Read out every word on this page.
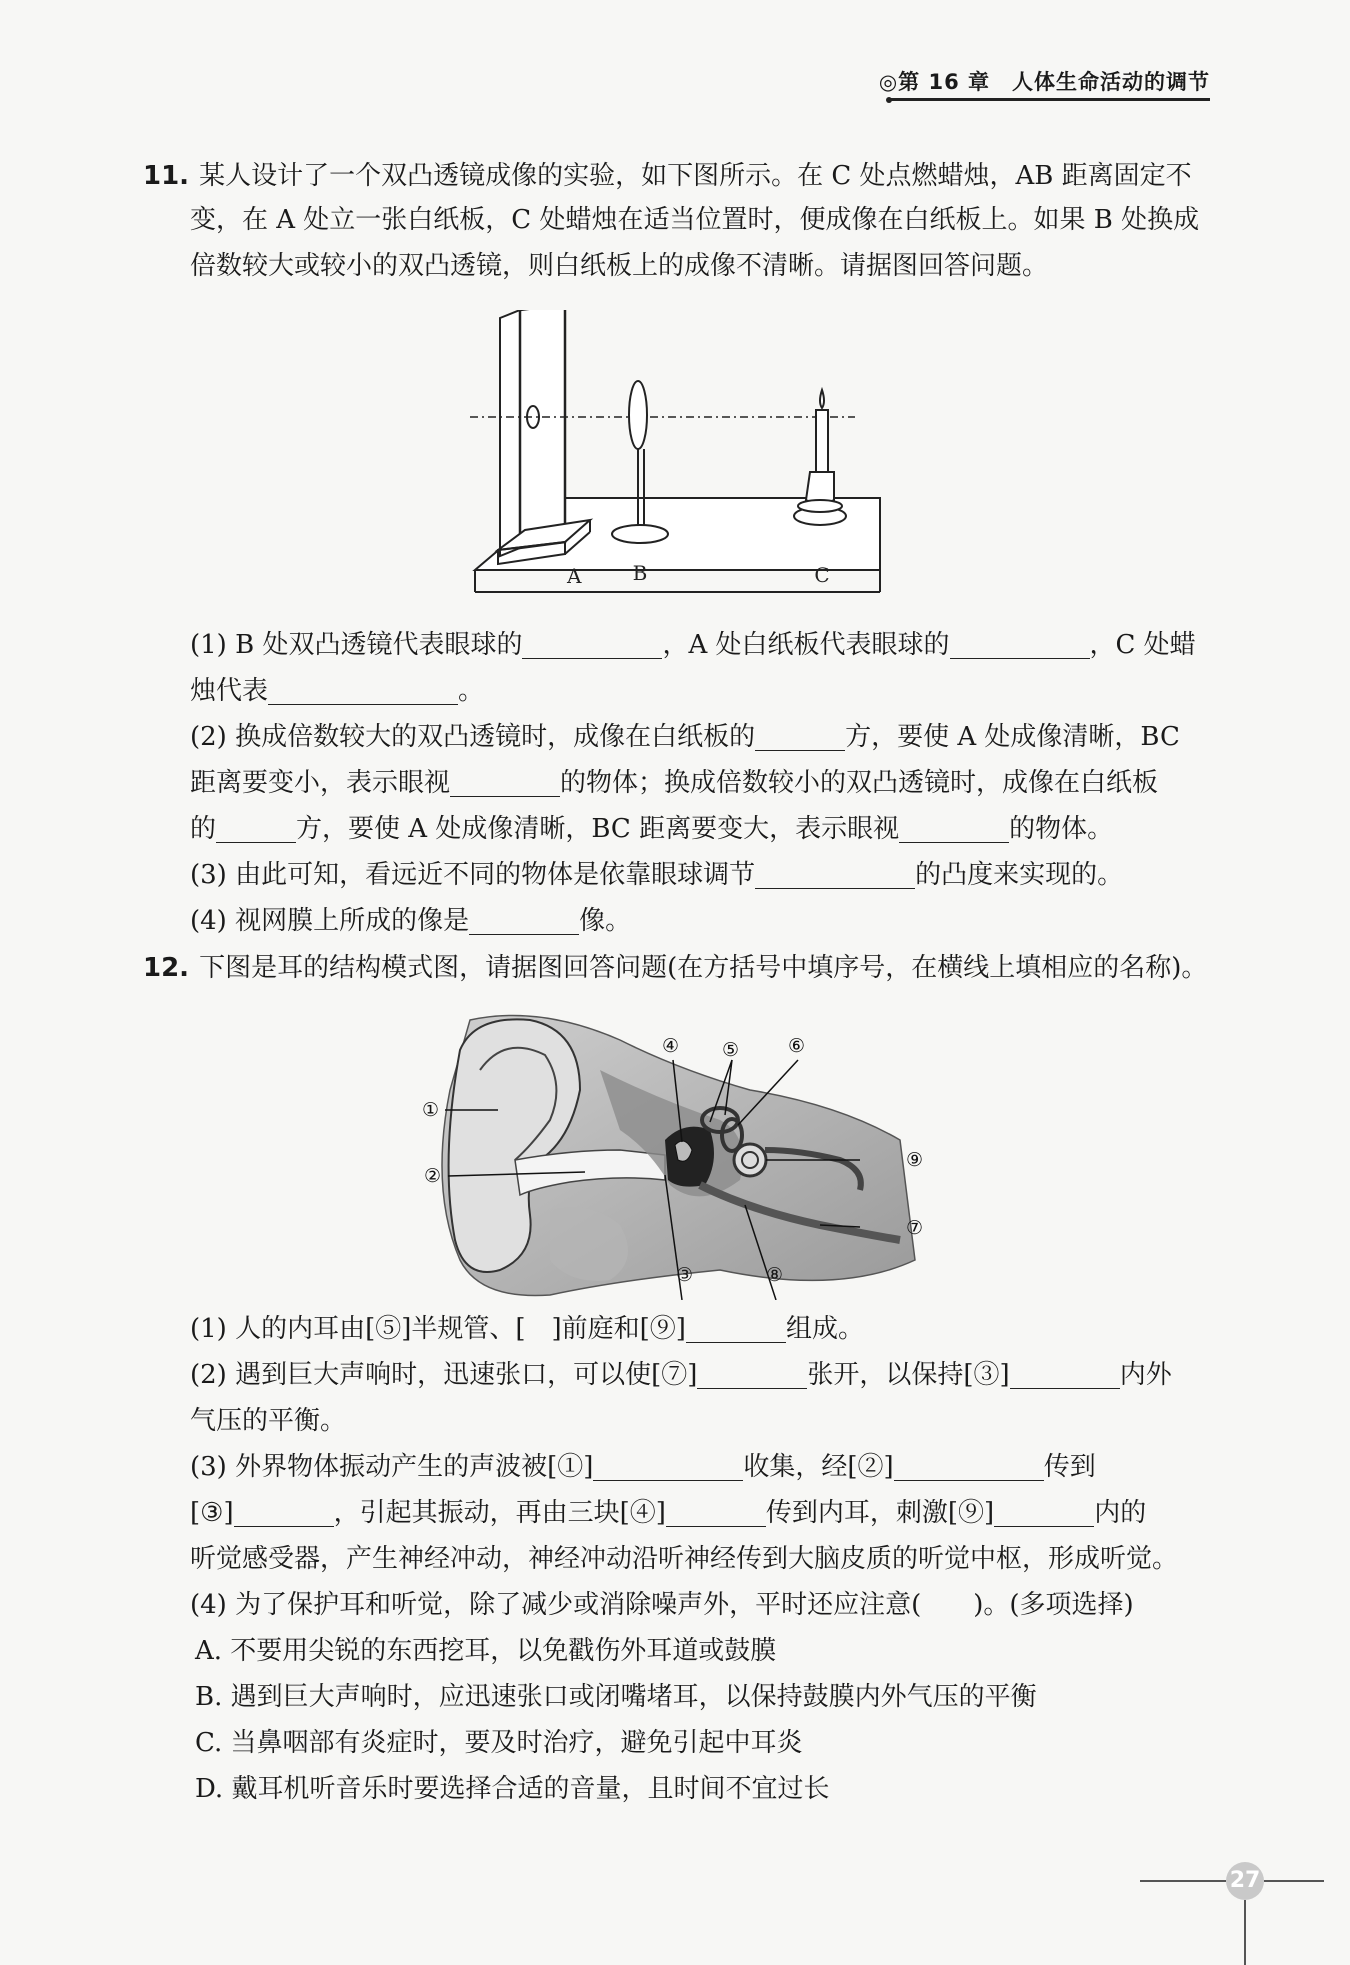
◎第 16 章　人体生命活动的调节
11. 某人设计了一个双凸透镜成像的实验，如下图所示。在 C 处点燃蜡烛，AB 距离固定不
变，在 A 处立一张白纸板，C 处蜡烛在适当位置时，便成像在白纸板上。如果 B 处换成
倍数较大或较小的双凸透镜，则白纸板上的成像不清晰。请据图回答问题。
A	B	C
(1) B 处双凸透镜代表眼球的	，A 处白纸板代表眼球的	，C 处蜡
烛代表	。
(2) 换成倍数较大的双凸透镜时，成像在白纸板的	方，要使 A 处成像清晰，BC
距离要变小，表示眼视	的物体；换成倍数较小的双凸透镜时，成像在白纸板
的	方，要使 A 处成像清晰，BC 距离要变大，表示眼视	的物体。
(3) 由此可知，看远近不同的物体是依靠眼球调节	的凸度来实现的。
(4) 视网膜上所成的像是	像。
12. 下图是耳的结构模式图，请据图回答问题(在方括号中填序号，在横线上填相应的名称)。
①
②
④ ⑤	⑥
⑨
⑦
③	⑧
(1) 人的内耳由[⑤]半规管、[　]前庭和[⑨]	组成。
(2) 遇到巨大声响时，迅速张口，可以使[⑦]	张开，以保持[③]	内外
气压的平衡。
(3) 外界物体振动产生的声波被[①]	收集，经[②]	传到
[③]	，引起其振动，再由三块[④]	传到内耳，刺激[⑨]	内的
听觉感受器，产生神经冲动，神经冲动沿听神经传到大脑皮质的听觉中枢，形成听觉。
(4) 为了保护耳和听觉，除了减少或消除噪声外，平时还应注意(　　)。(多项选择)
A. 不要用尖锐的东西挖耳，以免戳伤外耳道或鼓膜
B. 遇到巨大声响时，应迅速张口或闭嘴堵耳，以保持鼓膜内外气压的平衡
C. 当鼻咽部有炎症时，要及时治疗，避免引起中耳炎
D. 戴耳机听音乐时要选择合适的音量，且时间不宜过长
27
